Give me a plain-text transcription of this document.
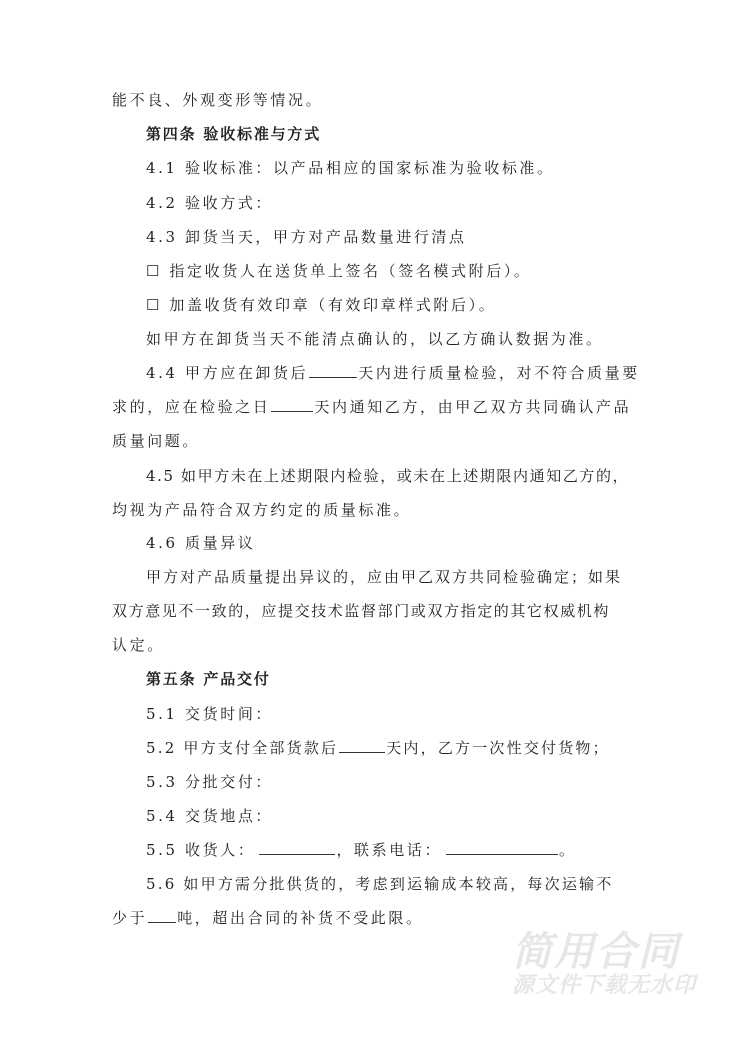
能不良、外观变形等情况。
第四条 验收标准与方式
4.1 验收标准：以产品相应的国家标准为验收标准。
4.2 验收方式：
4.3 卸货当天，甲方对产品数量进行清点
☐ 指定收货人在送货单上签名（签名模式附后）。
☐ 加盖收货有效印章（有效印章样式附后）。
如甲方在卸货当天不能清点确认的，以乙方确认数据为准。
4.4 甲方应在卸货后	天内进行质量检验，对不符合质量要
求的，应在检验之日	天内通知乙方，由甲乙双方共同确认产品
质量问题。
4.5 如甲方未在上述期限内检验，或未在上述期限内通知乙方的，
均视为产品符合双方约定的质量标准。
4.6 质量异议
甲方对产品质量提出异议的，应由甲乙双方共同检验确定；如果
双方意见不一致的，应提交技术监督部门或双方指定的其它权威机构
认定。
第五条 产品交付
5.1 交货时间：
5.2 甲方支付全部货款后	天内，乙方一次性交付货物；
5.3 分批交付：
5.4 交货地点：
5.5 收货人：	，联系电话：	。
5.6 如甲方需分批供货的，考虑到运输成本较高，每次运输不
少于 吨，超出合同的补货不受此限。
简用合同
源文件下载无水印
